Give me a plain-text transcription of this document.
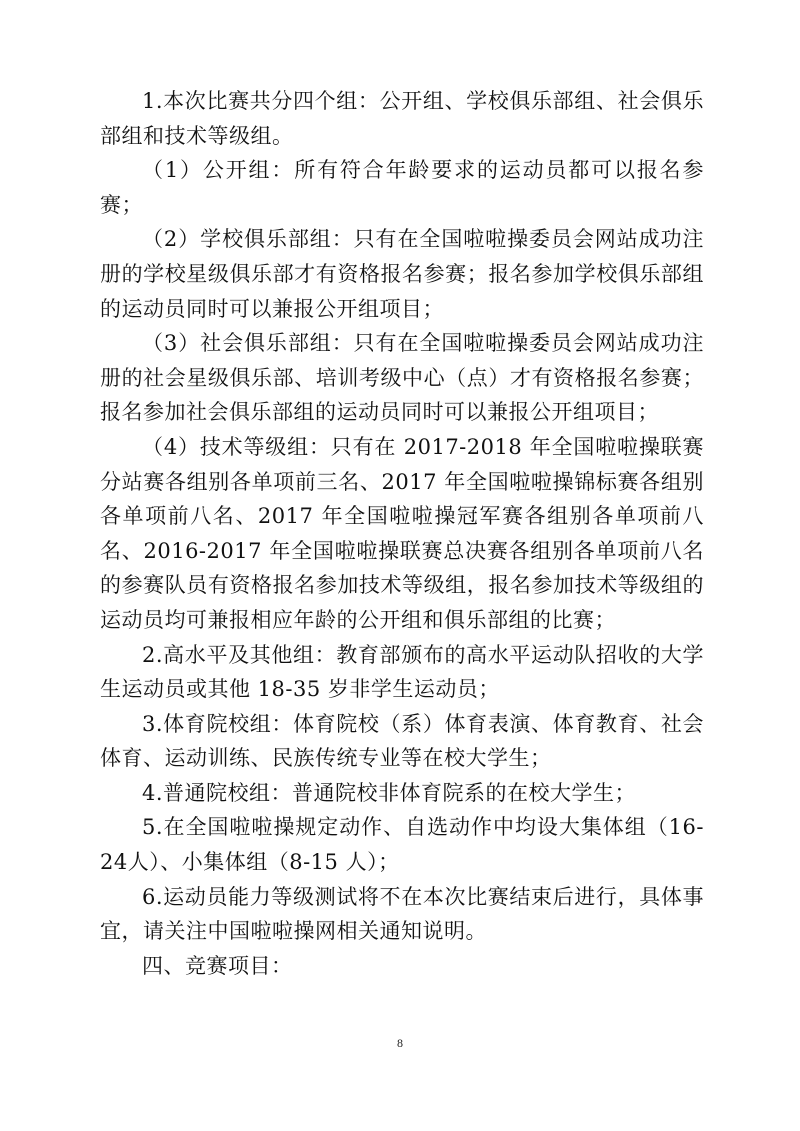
1.本次比赛共分四个组：公开组、学校俱乐部组、社会俱乐部组和技术等级组。

（1）公开组：所有符合年龄要求的运动员都可以报名参赛；

（2）学校俱乐部组：只有在全国啦啦操委员会网站成功注册的学校星级俱乐部才有资格报名参赛；报名参加学校俱乐部组的运动员同时可以兼报公开组项目；

（3）社会俱乐部组：只有在全国啦啦操委员会网站成功注册的社会星级俱乐部、培训考级中心（点）才有资格报名参赛；报名参加社会俱乐部组的运动员同时可以兼报公开组项目；

（4）技术等级组：只有在 2017-2018 年全国啦啦操联赛分站赛各组别各单项前三名、2017 年全国啦啦操锦标赛各组别各单项前八名、2017 年全国啦啦操冠军赛各组别各单项前八名、2016-2017 年全国啦啦操联赛总决赛各组别各单项前八名的参赛队员有资格报名参加技术等级组，报名参加技术等级组的运动员均可兼报相应年龄的公开组和俱乐部组的比赛；

2.高水平及其他组：教育部颁布的高水平运动队招收的大学生运动员或其他 18-35 岁非学生运动员；

3.体育院校组：体育院校（系）体育表演、体育教育、社会体育、运动训练、民族传统专业等在校大学生；

4.普通院校组：普通院校非体育院系的在校大学生；

5.在全国啦啦操规定动作、自选动作中均设大集体组（16-24人）、小集体组（8-15 人）；

6.运动员能力等级测试将不在本次比赛结束后进行，具体事宜，请关注中国啦啦操网相关通知说明。

四、竞赛项目：

8
